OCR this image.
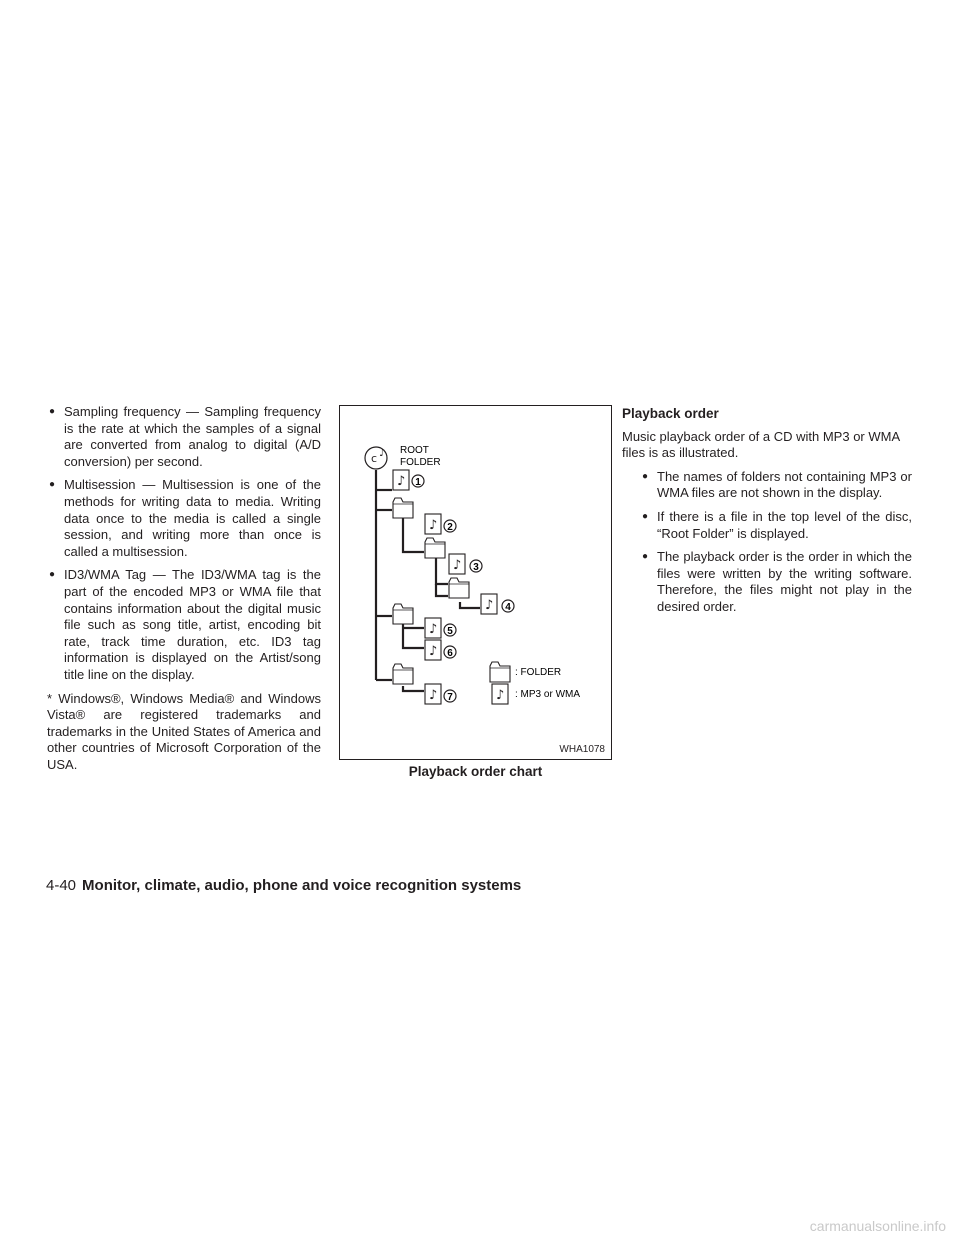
● Sampling frequency — Sampling frequency is the rate at which the samples of a signal are converted from analog to digital (A/D conversion) per second.

● Multisession — Multisession is one of the methods for writing data to media. Writing data once to the media is called a single session, and writing more than once is called a multisession.

● ID3/WMA Tag — The ID3/WMA tag is the part of the encoded MP3 or WMA file that contains information about the digital music file such as song title, artist, encoding bit rate, track time duration, etc. ID3 tag information is displayed on the Artist/song title line on the display.

* Windows®, Windows Media® and Windows Vista® are registered trademarks and trademarks in the United States of America and other countries of Microsoft Corporation of the USA.

♪
c ♪ ROOT
FOLDER
1
2
3
4
5
6
7
: FOLDER
: MP3 or WMA
WHA1078
Playback order chart
Playback order

Music playback order of a CD with MP3 or WMA files is as illustrated.

● The names of folders not containing MP3 or WMA files are not shown in the display.

● If there is a file in the top level of the disc, “Root Folder” is displayed.

● The playback order is the order in which the files were written by the writing software. Therefore, the files might not play in the desired order.

4-40 Monitor, climate, audio, phone and voice recognition systems
carmanualsonline.info
